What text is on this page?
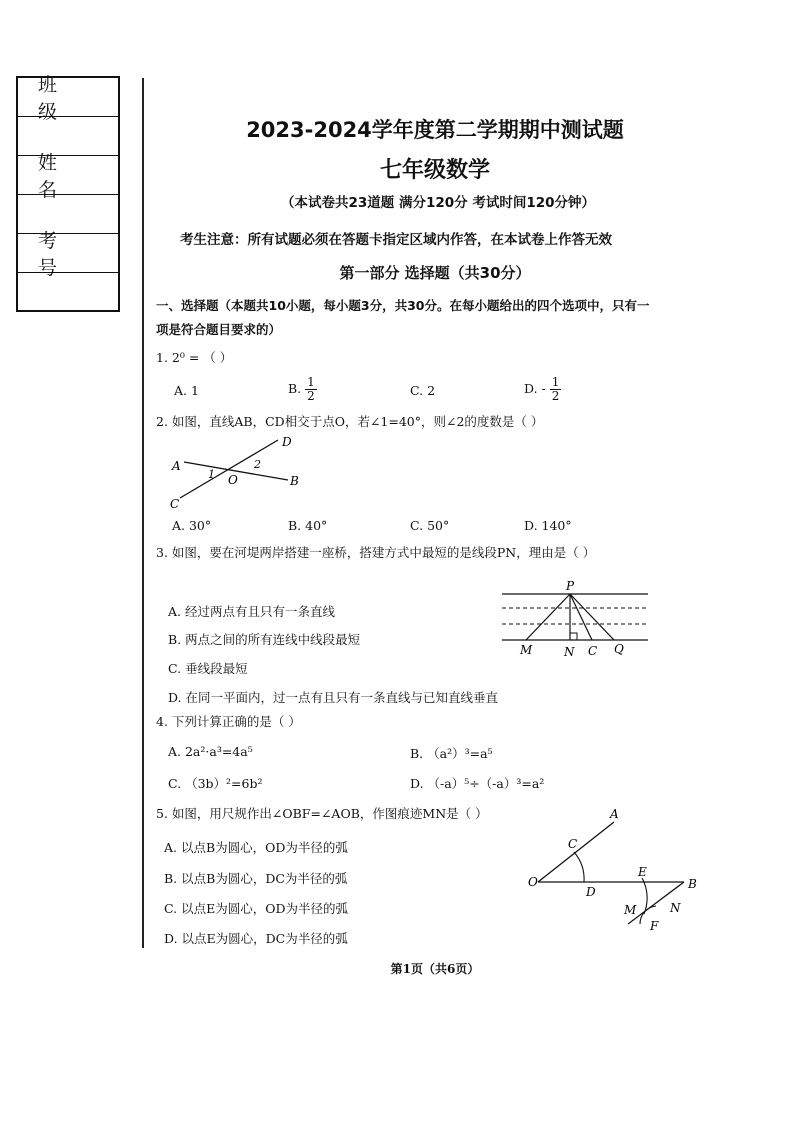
班级
姓名
考号
2023-2024学年度第二学期期中测试题
七年级数学
（本试卷共23道题 满分120分 考试时间120分钟）
考生注意：所有试题必须在答题卡指定区域内作答，在本试卷上作答无效
第一部分 选择题（共30分）
一、选择题（本题共10小题，每小题3分，共30分。在每小题给出的四个选项中，只有一
项是符合题目要求的）
1. 2⁰ = （ ）
A. 1	B. $\frac{1}{2}$	C. 2	D. - $\frac{1}{2}$
2. 如图，直线AB，CD相交于点O，若∠1=40°，则∠2的度数是（ ）
A
B
C
D
O
1
2
A. 30°	B. 40°	C. 50°	D. 140°
3. 如图，要在河堤两岸搭建一座桥，搭建方式中最短的是线段PN，理由是（ ）
A. 经过两点有且只有一条直线
B. 两点之间的所有连线中线段最短
C. 垂线段最短
D. 在同一平面内，过一点有且只有一条直线与已知直线垂直
P
M	N C Q
4. 下列计算正确的是（ ）
A. 2a²·a³=4a⁵	B. （a²）³=a⁵
C. （3b）²=6b²	D. （-a）⁵÷（-a）³=a²
5. 如图，用尺规作出∠OBF=∠AOB，作图痕迹MN是（ ）
A. 以点B为圆心，OD为半径的弧
B. 以点B为圆心，DC为半径的弧
C. 以点E为圆心，OD为半径的弧
D. 以点E为圆心，DC为半径的弧
A
C
O
D
E
B
M	N
F
第1页（共6页）
